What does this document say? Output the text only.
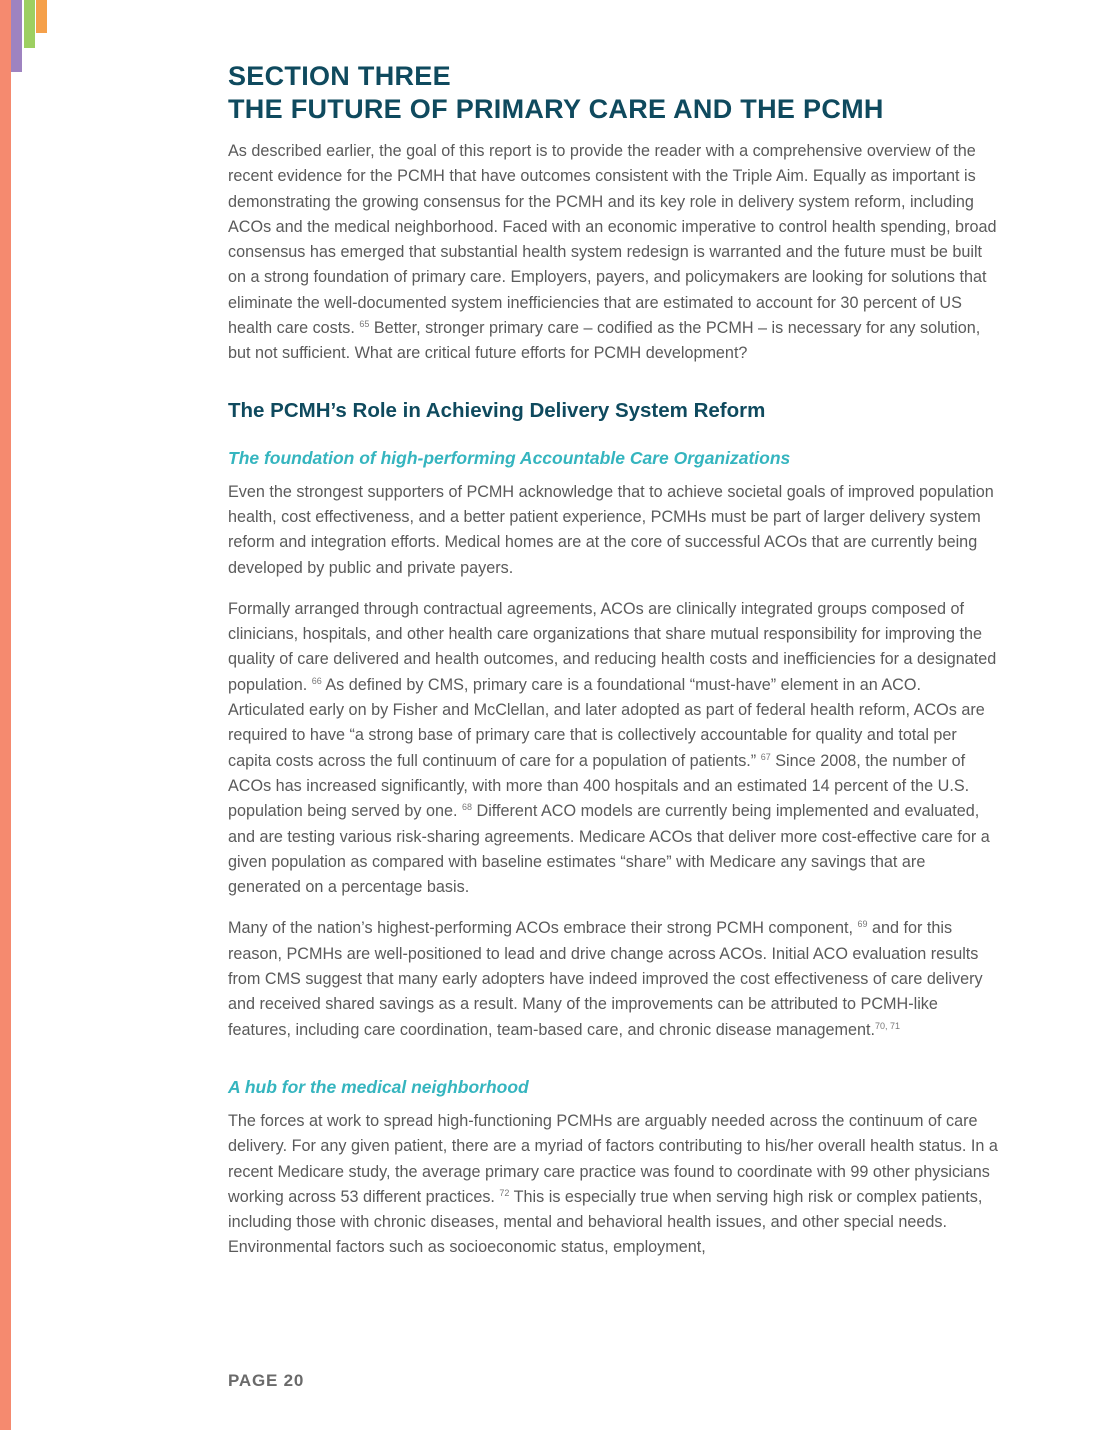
SECTION THREE
THE FUTURE OF PRIMARY CARE AND THE PCMH

As described earlier, the goal of this report is to provide the reader with a comprehensive overview of the recent evidence for the PCMH that have outcomes consistent with the Triple Aim. Equally as important is demonstrating the growing consensus for the PCMH and its key role in delivery system reform, including ACOs and the medical neighborhood. Faced with an economic imperative to control health spending, broad consensus has emerged that substantial health system redesign is warranted and the future must be built on a strong foundation of primary care. Employers, payers, and policymakers are looking for solutions that eliminate the well-documented system inefficiencies that are estimated to account for 30 percent of US health care costs. $^{65}$ Better, stronger primary care – codified as the PCMH – is necessary for any solution, but not sufficient. What are critical future efforts for PCMH development?

The PCMH’s Role in Achieving Delivery System Reform
The foundation of high-performing Accountable Care Organizations

Even the strongest supporters of PCMH acknowledge that to achieve societal goals of improved population health, cost effectiveness, and a better patient experience, PCMHs must be part of larger delivery system reform and integration efforts. Medical homes are at the core of successful ACOs that are currently being developed by public and private payers.

Formally arranged through contractual agreements, ACOs are clinically integrated groups composed of clinicians, hospitals, and other health care organizations that share mutual responsibility for improving the quality of care delivered and health outcomes, and reducing health costs and inefficiencies for a designated population. $^{66}$ As defined by CMS, primary care is a foundational “must-have” element in an ACO. Articulated early on by Fisher and McClellan, and later adopted as part of federal health reform, ACOs are required to have “a strong base of primary care that is collectively accountable for quality and total per capita costs across the full continuum of care for a population of patients.” $^{67}$ Since 2008, the number of ACOs has increased significantly, with more than 400 hospitals and an estimated 14 percent of the U.S. population being served by one. $^{68}$ Different ACO models are currently being implemented and evaluated, and are testing various risk-sharing agreements. Medicare ACOs that deliver more cost-effective care for a given population as compared with baseline estimates “share” with Medicare any savings that are generated on a percentage basis.

Many of the nation’s highest-performing ACOs embrace their strong PCMH component, $^{69}$ and for this reason, PCMHs are well-positioned to lead and drive change across ACOs. Initial ACO evaluation results from CMS suggest that many early adopters have indeed improved the cost effectiveness of care delivery and received shared savings as a result. Many of the improvements can be attributed to PCMH-like features, including care coordination, team-based care, and chronic disease management.$^{70, 71}$

A hub for the medical neighborhood

The forces at work to spread high-functioning PCMHs are arguably needed across the continuum of care delivery. For any given patient, there are a myriad of factors contributing to his/her overall health status. In a recent Medicare study, the average primary care practice was found to coordinate with 99 other physicians working across 53 different practices. $^{72}$ This is especially true when serving high risk or complex patients, including those with chronic diseases, mental and behavioral health issues, and other special needs. Environmental factors such as socioeconomic status, employment,

PAGE 20
